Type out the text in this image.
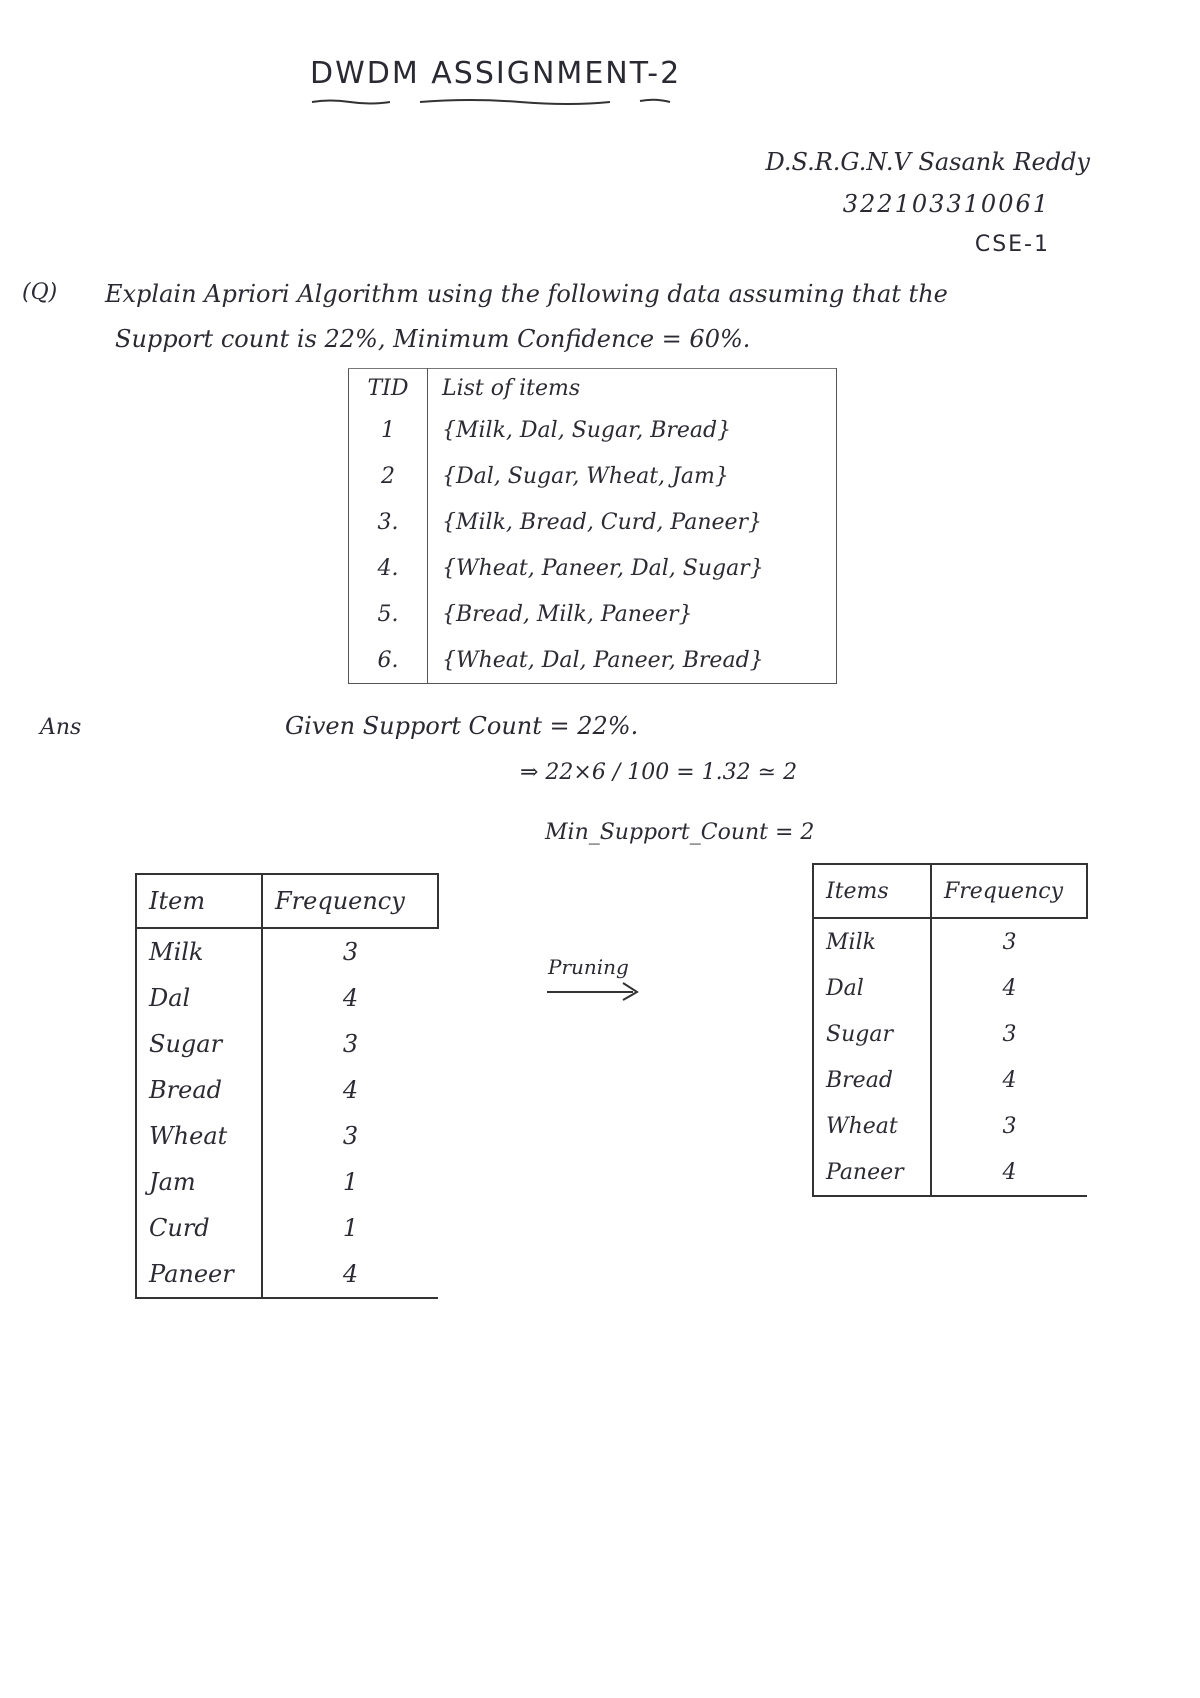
DWDM ASSIGNMENT-2
D.S.R.G.N.V Sasank Reddy
322103310061
CSE-1
(Q) Explain Apriori Algorithm using the following data assuming that the
Support count is 22%, Minimum Confidence = 60%.
TID	List of items
1	{Milk, Dal, Sugar, Bread}
2	{Dal, Sugar, Wheat, Jam}
3.	{Milk, Bread, Curd, Paneer}
4.	{Wheat, Paneer, Dal, Sugar}
5.	{Bread, Milk, Paneer}
6.	{Wheat, Dal, Paneer, Bread}
Ans	Given Support Count = 22%.
⇒ 22×6 / 100 = 1.32 ≃ 2
Min_Support_Count = 2
Item	Frequency
Milk	3
Dal	4
Sugar	3
Bread	4
Wheat	3
Jam	1
Curd	1
Paneer	4
Pruning
Items	Frequency
Milk	3
Dal	4
Sugar	3
Bread	4
Wheat	3
Paneer	4
